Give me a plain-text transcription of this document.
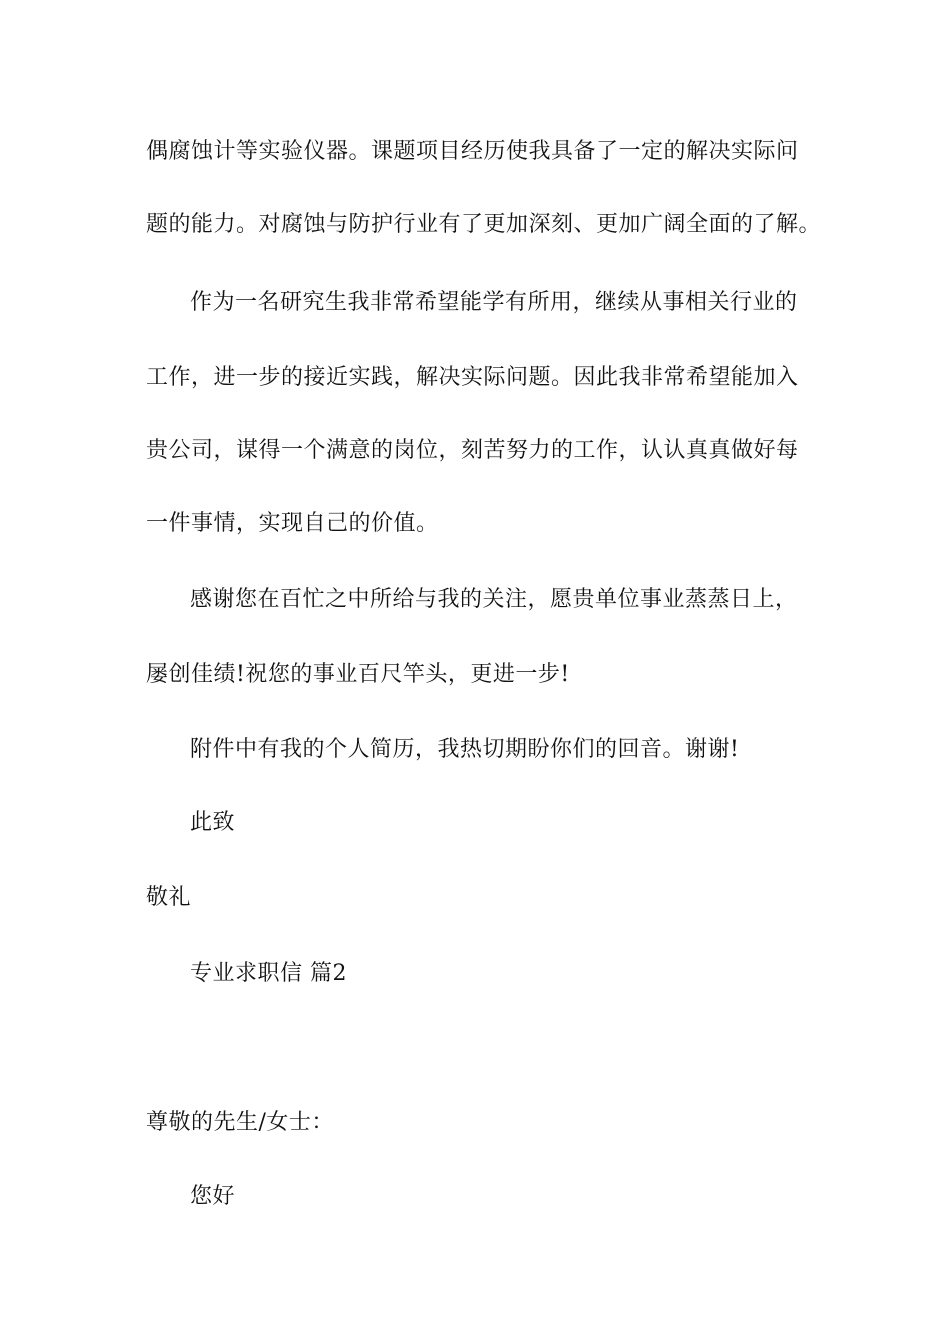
偶腐蚀计等实验仪器。课题项目经历使我具备了一定的解决实际问
题的能力。对腐蚀与防护行业有了更加深刻、更加广阔全面的了解。
作为一名研究生我非常希望能学有所用，继续从事相关行业的
工作，进一步的接近实践，解决实际问题。因此我非常希望能加入
贵公司，谋得一个满意的岗位，刻苦努力的工作，认认真真做好每
一件事情，实现自己的价值。
感谢您在百忙之中所给与我的关注，愿贵单位事业蒸蒸日上，
屡创佳绩!祝您的事业百尺竿头，更进一步!
附件中有我的个人简历，我热切期盼你们的回音。谢谢!
此致
敬礼
专业求职信 篇2
尊敬的先生/女士：
您好
